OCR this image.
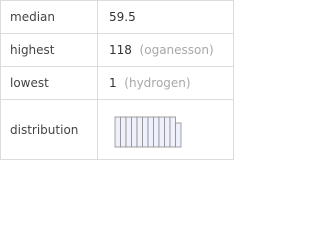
median	59.5
highest	118 (oganesson)
lowest	1 (hydrogen)
distribution	
